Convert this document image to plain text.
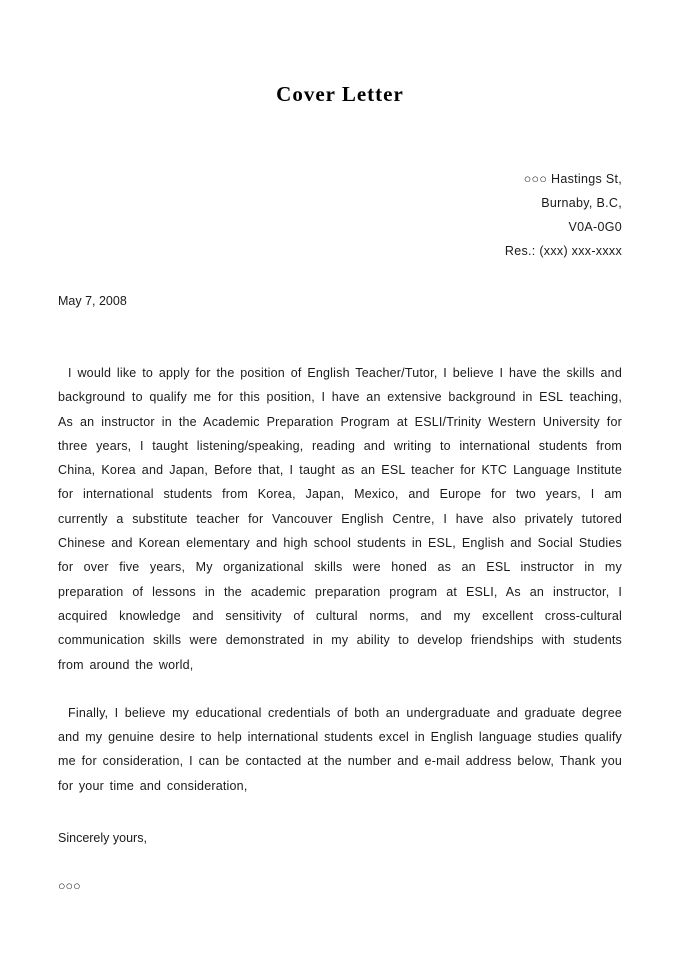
Cover Letter
○○○ Hastings St,
Burnaby, B.C,
V0A-0G0
Res.: (xxx) xxx-xxxx
May 7, 2008

I would like to apply for the position of English Teacher/Tutor, I believe I have the skills and background to qualify me for this position, I have an extensive background in ESL teaching, As an instructor in the Academic Preparation Program at ESLI/Trinity Western University for three years, I taught listening/speaking, reading and writing to international students from China, Korea and Japan, Before that, I taught as an ESL teacher for KTC Language Institute for international students from Korea, Japan, Mexico, and Europe for two years, I am currently a substitute teacher for Vancouver English Centre, I have also privately tutored Chinese and Korean elementary and high school students in ESL, English and Social Studies for over five years, My organizational skills were honed as an ESL instructor in my preparation of lessons in the academic preparation program at ESLI, As an instructor, I acquired knowledge and sensitivity of cultural norms, and my excellent cross-cultural communication skills were demonstrated in my ability to develop friendships with students from around the world,

Finally, I believe my educational credentials of both an undergraduate and graduate degree and my genuine desire to help international students excel in English language studies qualify me for consideration, I can be contacted at the number and e-mail address below, Thank you for your time and consideration,

Sincerely yours,
○○○
